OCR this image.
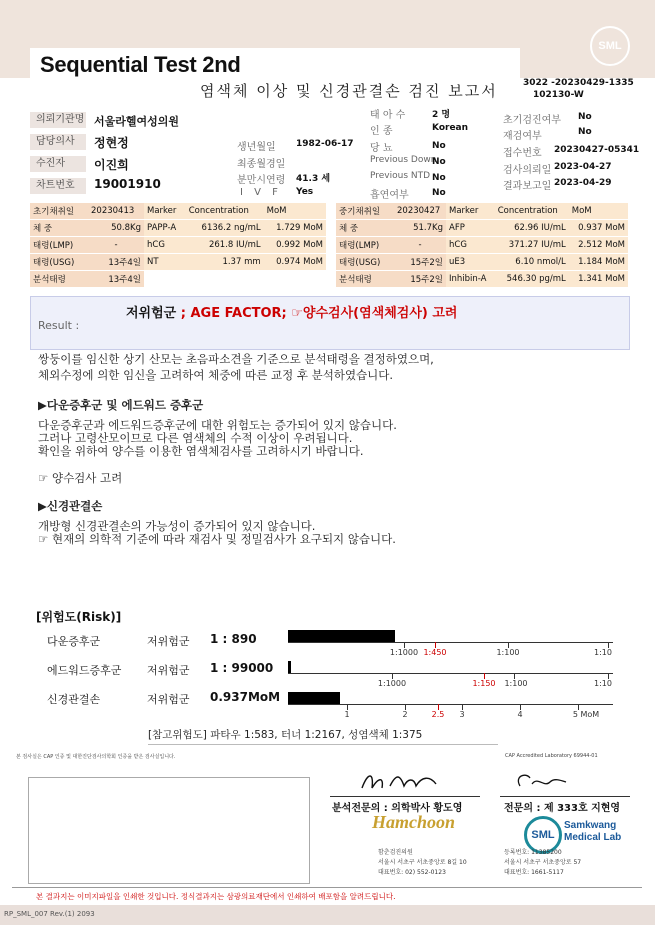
Sequential Test 2nd
염색체 이상 및 신경관결손 검진 보고서	3022 -20230429-1335
102130-W
SML
의뢰기관명 서울라헬여성의원
담당의사	정현정
수진자	이진희
차트번호	19001910
생년월일 1982-06-17
최종월경일
분만시연령 41.3 세
I V F Yes
태 아 수	2 명
인 종	Korean
당 뇨	No
Previous Down
No
Previous NTD No
흡연여부	No
초기검진여부 No
재검여부	No
접수번호 20230427-05341
검사의뢰일 2023-04-27
결과보고일 2023-04-29
초기채취일	20230413	Marker	Concentration	MoM
체 중	50.8Kg	PAPP-A	6136.2 ng/mL	1.729 MoM
태령(LMP)	-	hCG	261.8 IU/mL	0.992 MoM
태령(USG)	13주4일	NT	1.37 mm	0.974 MoM
분석태령	13주4일			
중기채취일	20230427	Marker	Concentration	MoM
체 중	51.7Kg	AFP	62.96 IU/mL	0.937 MoM
태령(LMP)	-	hCG	371.27 IU/mL	2.512 MoM
태령(USG)	15주2일	uE3	6.10 nmol/L	1.184 MoM
분석태령	15주2일	Inhibin-A	546.30 pg/mL	1.341 MoM
Result :
저위험군 ; AGE FACTOR; ☞양수검사(염색체검사) 고려
쌍둥이를 임신한 상기 산모는 초음파소견을 기준으로 분석태령을 결정하였으며,
체외수정에 의한 임신을 고려하여 체중에 따른 교정 후 분석하였습니다.
▶다운증후군 및 에드워드 증후군
다운증후군과 에드워드증후군에 대한 위험도는 증가되어 있지 않습니다.
그러나 고령산모이므로 다른 염색체의 수적 이상이 우려됩니다.
확인을 위하여 양수를 이용한 염색체검사를 고려하시기 바랍니다.
☞ 양수검사 고려
▶신경관결손
개방형 신경관결손의 가능성이 증가되어 있지 않습니다.
☞ 현재의 의학적 기준에 따라 재검사 및 정밀검사가 요구되지 않습니다.
[위험도(Risk)]
다운증후군	저위험군 1 : 890
에드워드증후군 저위험군 1 : 99000
신경관결손	저위험군 0.937MoM
1:1000 1:450	1:100	1:10
1:1000	1:150 1:100	1:10
1	2	2.5 3	4	5 MoM
[참고위험도] 파타우 1:583, 터너 1:2167, 성염색체 1:375
본 검사실은 CAP 인증 및 대한진단검사의학회 인증을 받은 검사실입니다.	CAP Accredited Laboratory 69944-01
분석전문의 : 의학박사 황도영
Hamchoon
함춘검진의원
서울시 서초구 서초중앙로 8길 10
대표번호: 02) 552-0123
전문의 : 제 333호 지현영
SML
Samkwang
Medical Lab
등록번호: 11385200
서울시 서초구 서초중앙로 57
대표번호: 1661-5117
본 결과지는 이미지파일을 인쇄한 것입니다. 정식결과지는 삼광의료재단에서 인쇄하여 배포함을 알려드립니다.
RP_SML_007 Rev.(1) 2093
